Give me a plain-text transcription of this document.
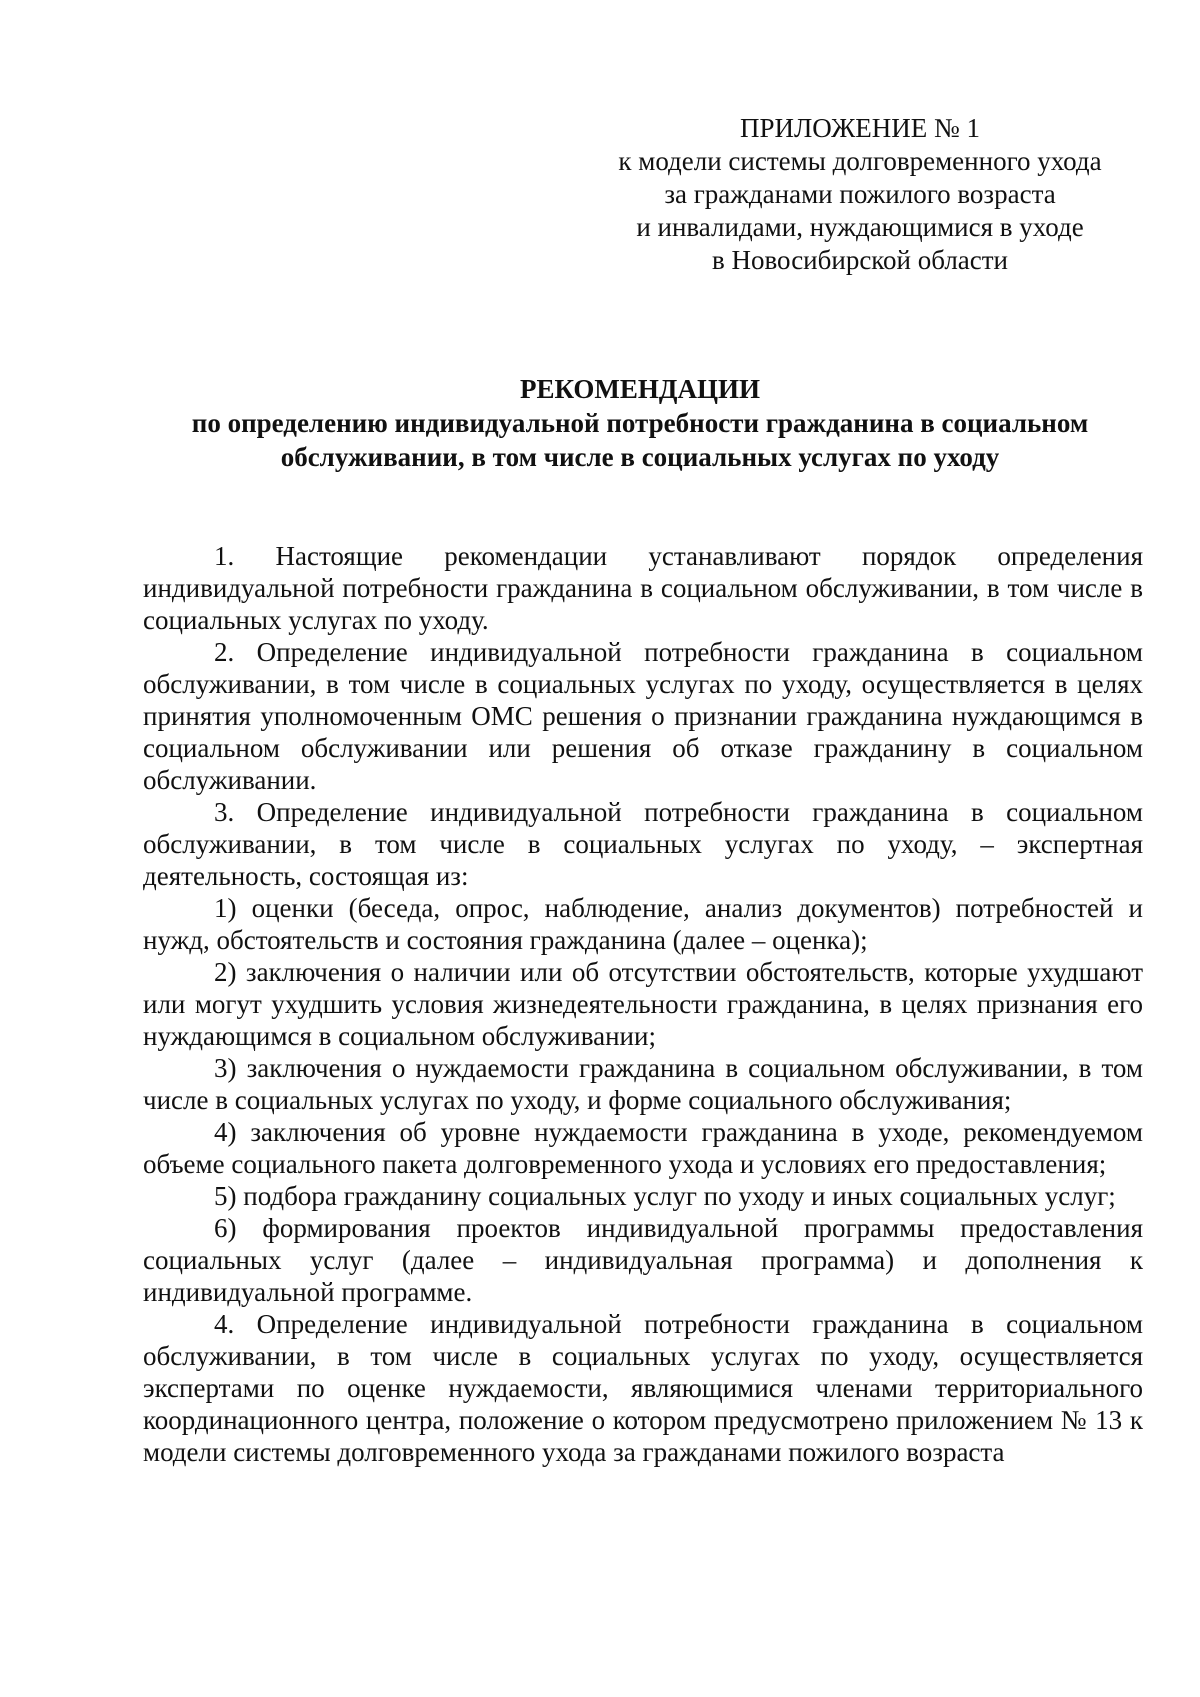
ПРИЛОЖЕНИЕ № 1
к модели системы долговременного ухода
за гражданами пожилого возраста
и инвалидами, нуждающимися в уходе
в Новосибирской области
РЕКОМЕНДАЦИИ
по определению индивидуальной потребности гражданина в социальном
обслуживании, в том числе в социальных услугах по уходу

1. Настоящие рекомендации устанавливают порядок определения индивидуальной потребности гражданина в социальном обслуживании, в том числе в социальных услугах по уходу.

2. Определение индивидуальной потребности гражданина в социальном обслуживании, в том числе в социальных услугах по уходу, осуществляется в целях принятия уполномоченным ОМС решения о признании гражданина нуждающимся в социальном обслуживании или решения об отказе гражданину в социальном обслуживании.

3. Определение индивидуальной потребности гражданина в социальном обслуживании, в том числе в социальных услугах по уходу, – экспертная деятельность, состоящая из:

1) оценки (беседа, опрос, наблюдение, анализ документов) потребностей и нужд, обстоятельств и состояния гражданина (далее – оценка);

2) заключения о наличии или об отсутствии обстоятельств, которые ухудшают или могут ухудшить условия жизнедеятельности гражданина, в целях признания его нуждающимся в социальном обслуживании;

3) заключения о нуждаемости гражданина в социальном обслуживании, в том числе в социальных услугах по уходу, и форме социального обслуживания;

4) заключения об уровне нуждаемости гражданина в уходе, рекомендуемом объеме социального пакета долговременного ухода и условиях его предоставления;

5) подбора гражданину социальных услуг по уходу и иных социальных услуг;

6) формирования проектов индивидуальной программы предоставления социальных услуг (далее – индивидуальная программа) и дополнения к индивидуальной программе.

4. Определение индивидуальной потребности гражданина в социальном обслуживании, в том числе в социальных услугах по уходу, осуществляется экспертами по оценке нуждаемости, являющимися членами территориального координационного центра, положение о котором предусмотрено приложением № 13 к модели системы долговременного ухода за гражданами пожилого возраста
